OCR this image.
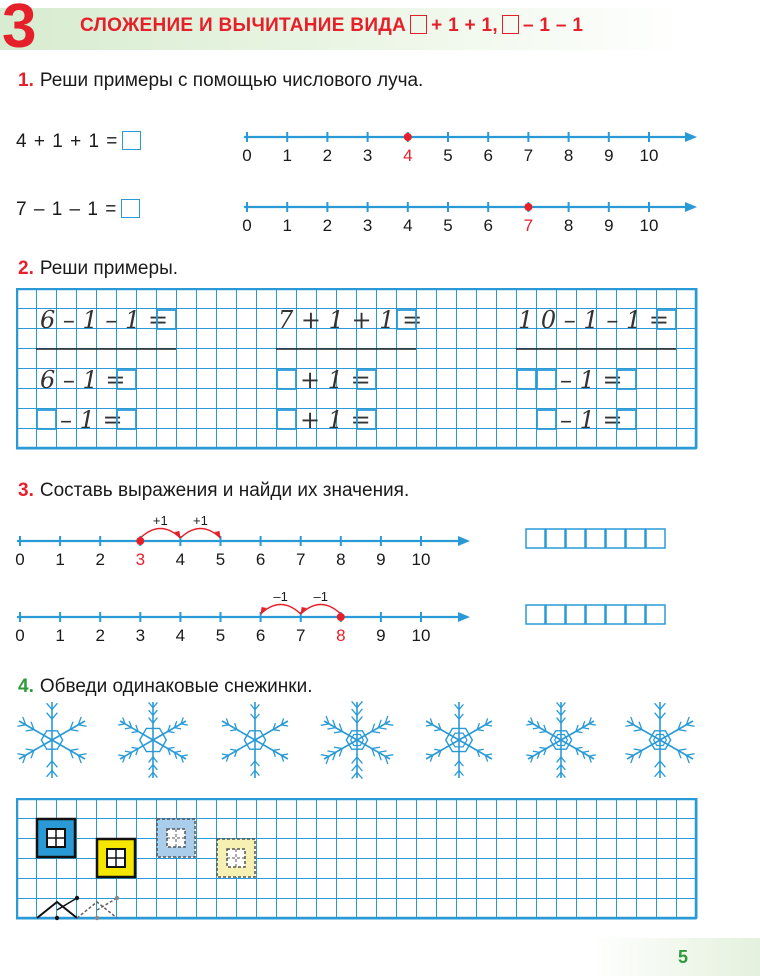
3 СЛОЖЕНИЕ И ВЫЧИТАНИЕ ВИДА + 1 + 1, – 1 – 1
1. Реши примеры с помощью числового луча.
4 + 1 + 1 =
7 – 1 – 1 =
0 1 2 3 4 5 6 7 8 9 10
0 1 2 3 4 5 6 7 8 9 10
2. Реши примеры.
6 – 1 – 1 =
6 – 1 =
– 1 =
7 + 1 + 1 =
+ 1 =
+ 1 =
1 0 – 1 – 1 =
– 1 =
– 1 =
3. Составь выражения и найди их значения.
0 1 2 3 4 5 6 7 8 9 10
+1 +1
0 1 2 3 4 5 6 7 8 9 10
–1
–1
4. Обведи одинаковые снежинки.
5
